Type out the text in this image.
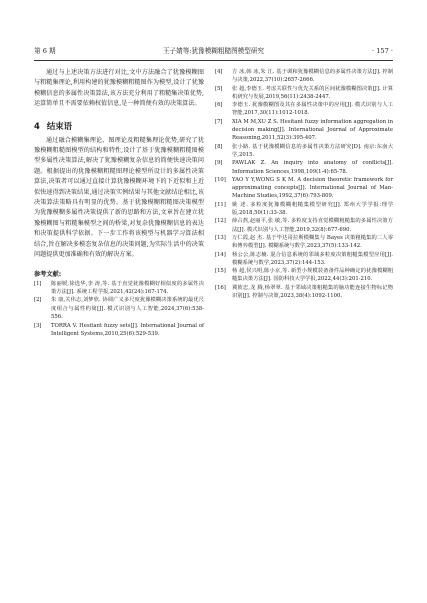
第 6 期	王子婧等:犹豫模糊粗糙图模型研究	· 157 ·

通过与上述决策方法进行对比,文中方法融合了犹豫模糊图与粗糙集理论,利用构建的犹豫模糊粗糙图作为模型,设计了犹豫模糊信息的多属性决策算法,该方法充分利用了粗糙集决策优势,运算简单且不需要依赖权值信息,是一种简便有效的决策算法。

4 结束语

通过融合模糊集理论、图理论及粗糙集理论优势,研究了犹豫模糊粗糙图模型的结构和特性,设计了基于犹豫模糊粗糙图模型多属性决策算法,解决了犹豫模糊复杂信息的简便快速决策问题。根据提出的犹豫模糊粗糙图理论模型所设计的多属性决策算法,决策者可以通过直接计算犹豫模糊环境下的下近似和上近似快速得到决策结果,通过决策实例结果与其他文献结论相比,该决策算法策略具有明显的优势。基于犹豫模糊粗糙图决策模型为犹豫模糊多属性决策提供了新的思路和方法,文章旨在建立犹豫模糊图与粗糙集模型之间的桥梁,对复杂犹豫模糊信息的表达和决策提供科学依据。下一步工作将该模型与机器学习算法相结合,旨在解决多模态复杂信息的决策问题,为实际生活中的决策问题提供更加准确和有效的解决方案。

参考文献:
[1]	陈丽媛,徐选华,李 涛,等. 基于直觉犹豫模糊好相似度的多属性决策方法[J]. 系统工程学报,2021,42(24):167-174.
[2]	朱 康,关伟志,刘梦欣. 协调广义多尺度犹豫模糊决策系统的最优尺度组合与属性约简[J]. 模式识别与人工智能,2024,37(6):538-556.
[3]	TORRA V. Hesitant fuzzy sets[J]. International Journal of Intelligent Systems,2010,25(6):529-539.
[4]	方 冰,韩 冰,朱 江. 基于调和犹豫模糊信息的多属性决策方法[J]. 控制与决策,2022,37(10):2657-2666.
[5]	张 超,李德玉. 考虑关联性与优先关系的区间犹豫模糊图决策[J]. 计算机研究与发展,2019,56(11):2438-2447.
[6]	李德玉. 犹豫模糊图及其在多属性决策中的应用[J]. 模式识别与人工智能,2017,30(11):1012-1018.
[7]	XIA M M,XU Z S. Hesitant fuzzy information aggregation in decision making[J]. International Journal of Approximate Reasoning,2011,52(3):395-407.
[8]	张小路. 基于犹豫模糊信息的多属性决策方法研究[D]. 南京:东南大学,2015.
[9]	PAWLAK Z. An inquiry into anatomy of conflicts[J]. Information Sciences,1998,109(1-4):65-78.
[10]	YAO Y Y,WONG S K M. A decision theoretic framework for approximating concepts[J]. International Journal of Man-Machine Studies,1992,37(6):793-809.
[11]	姚 述. 多粒度犹豫模糊粗糙集模型研究[J]. 郑州大学学报:理学版,2018,50(1):33-38.
[12]	薛占熬,赵丽平,张 敏,等. 多粒度支持直觉模糊粗糙集的多属性决策方法[J]. 模式识别与人工智能,2019,32(8):677-690.
[13]	万仁霞,赵 杰. 基于毕达哥拉斯模糊集与 Bayes 决策粗糙集的二人零和博弈模型[J]. 模糊系统与数学,2023,37(5):133-142.
[14]	杨公公,陈志楠. 混合信息系统的邻域多粒度决策粗糙集模型应用[J]. 模糊系统与数学,2023,37(2):144-153.
[15]	杨 超,侯兴明,陈小京,等. 新型小规模装备备件品种确定的犹豫模糊粗糙集决策方法[J]. 国防科技大学学报,2022,44(3):201-210.
[16]	冀彼忠,龙 腾,杨翠翠. 基于邻域决策粗糙集的脑功能连接生物标记物识别[J]. 控制与决策,2023,38(4):1092-1100.
